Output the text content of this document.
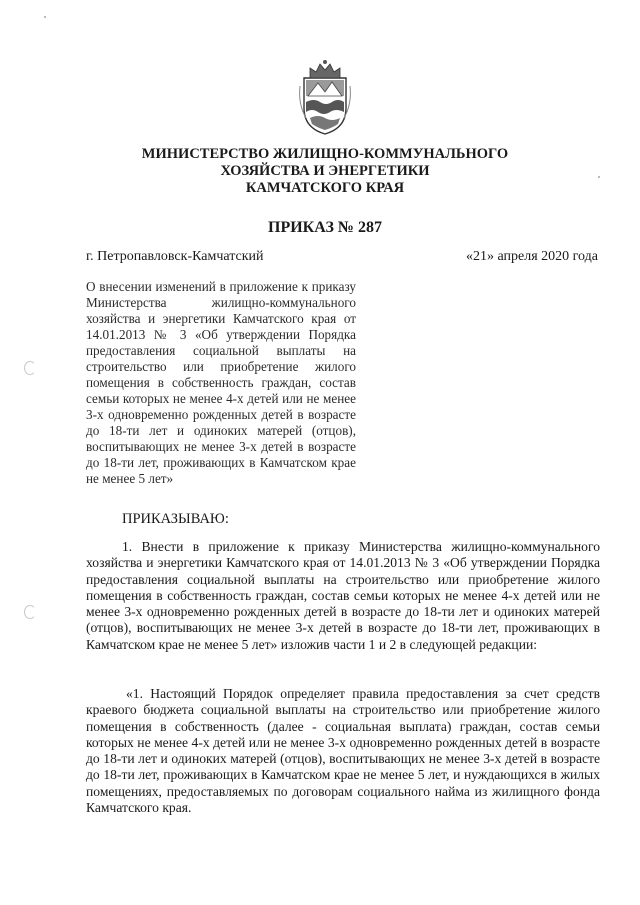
МИНИСТЕРСТВО ЖИЛИЩНО-КОММУНАЛЬНОГО
ХОЗЯЙСТВА И ЭНЕРГЕТИКИ
КАМЧАТСКОГО КРАЯ
ПРИКАЗ № 287
г. Петропавловск-Камчатский	«21» апреля 2020 года
О внесении изменений в приложение к приказу Министерства жилищно-коммунального хозяйства и энергетики Камчатского края от 14.01.2013 № 3 «Об утверждении Порядка предоставления социальной выплаты на строительство или приобретение жилого помещения в собственность граждан, состав семьи которых не менее 4-х детей или не менее 3-х одновременно рожденных детей в возрасте до 18-ти лет и одиноких матерей (отцов), воспитывающих не менее 3-х детей в возрасте до 18-ти лет, проживающих в Камчатском крае не менее 5 лет»
ПРИКАЗЫВАЮ:
1. Внести в приложение к приказу Министерства жилищно-коммунального хозяйства и энергетики Камчатского края от 14.01.2013 № 3 «Об утверждении Порядка предоставления социальной выплаты на строительство или приобретение жилого помещения в собственность граждан, состав семьи которых не менее 4-х детей или не менее 3-х одновременно рожденных детей в возрасте до 18-ти лет и одиноких матерей (отцов), воспитывающих не менее 3-х детей в возрасте до 18-ти лет, проживающих в Камчатском крае не менее 5 лет» изложив части 1 и 2 в следующей редакции:
«1. Настоящий Порядок определяет правила предоставления за счет средств краевого бюджета социальной выплаты на строительство или приобретение жилого помещения в собственность (далее - социальная выплата) граждан, состав семьи которых не менее 4-х детей или не менее 3-х одновременно рожденных детей в возрасте до 18-ти лет и одиноких матерей (отцов), воспитывающих не менее 3-х детей в возрасте до 18-ти лет, проживающих в Камчатском крае не менее 5 лет, и нуждающихся в жилых помещениях, предоставляемых по договорам социального найма из жилищного фонда Камчатского края.
